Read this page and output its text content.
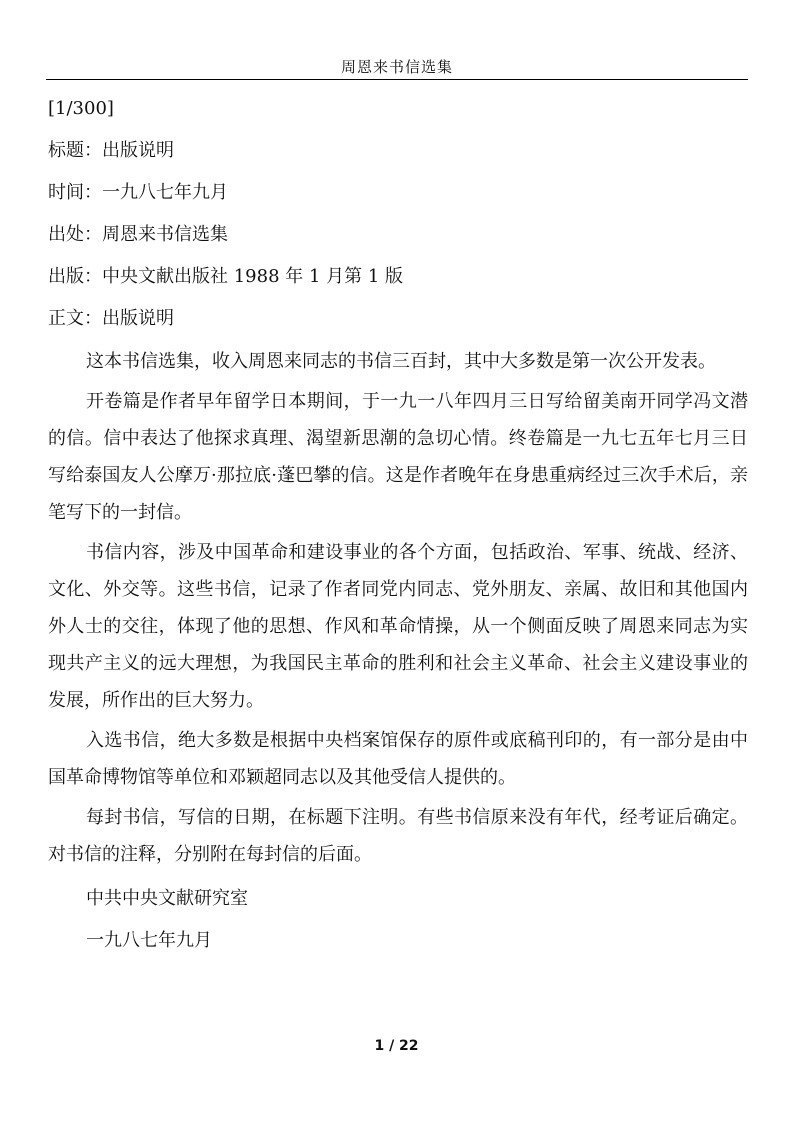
周恩来书信选集
[1/300]
标题：出版说明
时间：一九八七年九月
出处：周恩来书信选集
出版：中央文献出版社 1988 年 1 月第 1 版
正文：出版说明

这本书信选集，收入周恩来同志的书信三百封，其中大多数是第一次公开发表。

开卷篇是作者早年留学日本期间，于一九一八年四月三日写给留美南开同学冯文潜的信。信中表达了他探求真理、渴望新思潮的急切心情。终卷篇是一九七五年七月三日写给泰国友人公摩万·那拉底·蓬巴攀的信。这是作者晚年在身患重病经过三次手术后，亲笔写下的一封信。

书信内容，涉及中国革命和建设事业的各个方面，包括政治、军事、统战、经济、文化、外交等。这些书信，记录了作者同党内同志、党外朋友、亲属、故旧和其他国内外人士的交往，体现了他的思想、作风和革命情操，从一个侧面反映了周恩来同志为实现共产主义的远大理想，为我国民主革命的胜利和社会主义革命、社会主义建设事业的发展，所作出的巨大努力。

入选书信，绝大多数是根据中央档案馆保存的原件或底稿刊印的，有一部分是由中国革命博物馆等单位和邓颖超同志以及其他受信人提供的。

每封书信，写信的日期，在标题下注明。有些书信原来没有年代，经考证后确定。对书信的注释，分别附在每封信的后面。

中共中央文献研究室

一九八七年九月

1 / 22
